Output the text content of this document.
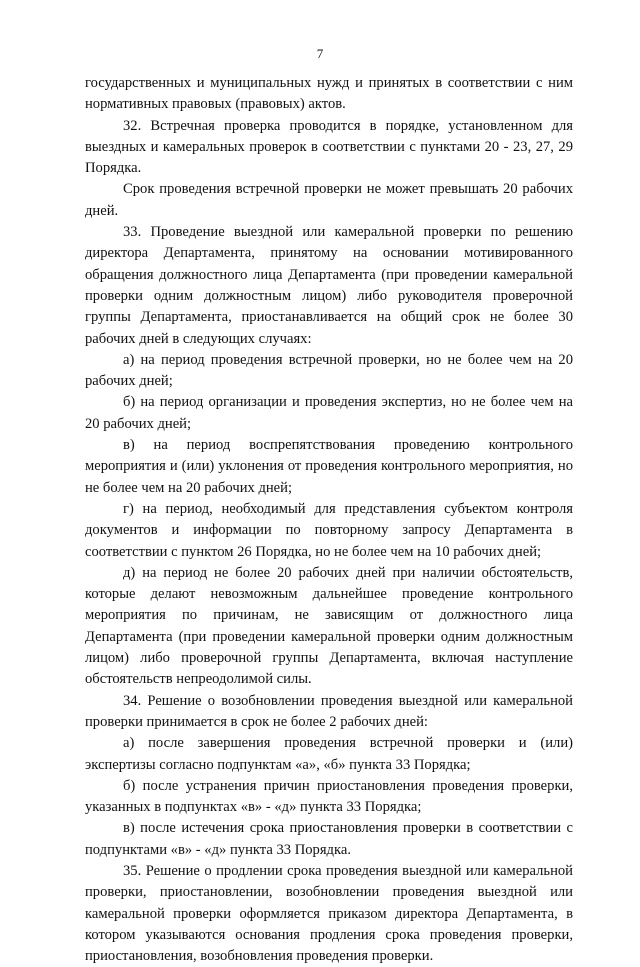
7

государственных и муниципальных нужд и принятых в соответствии с ним нормативных правовых (правовых) актов.

32. Встречная проверка проводится в порядке, установленном для выездных и камеральных проверок в соответствии с пунктами 20 - 23, 27, 29 Порядка.

Срок проведения встречной проверки не может превышать 20 рабочих дней.

33. Проведение выездной или камеральной проверки по решению директора Департамента, принятому на основании мотивированного обращения должностного лица Департамента (при проведении камеральной проверки одним должностным лицом) либо руководителя проверочной группы Департамента, приостанавливается на общий срок не более 30 рабочих дней в следующих случаях:

а) на период проведения встречной проверки, но не более чем на 20 рабочих дней;

б) на период организации и проведения экспертиз, но не более чем на 20 рабочих дней;

в) на период воспрепятствования проведению контрольного мероприятия и (или) уклонения от проведения контрольного мероприятия, но не более чем на 20 рабочих дней;

г) на период, необходимый для представления субъектом контроля документов и информации по повторному запросу Департамента в соответствии с пунктом 26 Порядка, но не более чем на 10 рабочих дней;

д) на период не более 20 рабочих дней при наличии обстоятельств, которые делают невозможным дальнейшее проведение контрольного мероприятия по причинам, не зависящим от должностного лица Департамента (при проведении камеральной проверки одним должностным лицом) либо проверочной группы Департамента, включая наступление обстоятельств непреодолимой силы.

34. Решение о возобновлении проведения выездной или камеральной проверки принимается в срок не более 2 рабочих дней:

а) после завершения проведения встречной проверки и (или) экспертизы согласно подпунктам «а», «б» пункта 33 Порядка;

б) после устранения причин приостановления проведения проверки, указанных в подпунктах «в» - «д» пункта 33 Порядка;

в) после истечения срока приостановления проверки в соответствии с подпунктами «в» - «д» пункта 33 Порядка.

35. Решение о продлении срока проведения выездной или камеральной проверки, приостановлении, возобновлении проведения выездной или камеральной проверки оформляется приказом директора Департамента, в котором указываются основания продления срока проведения проверки, приостановления, возобновления проведения проверки.
